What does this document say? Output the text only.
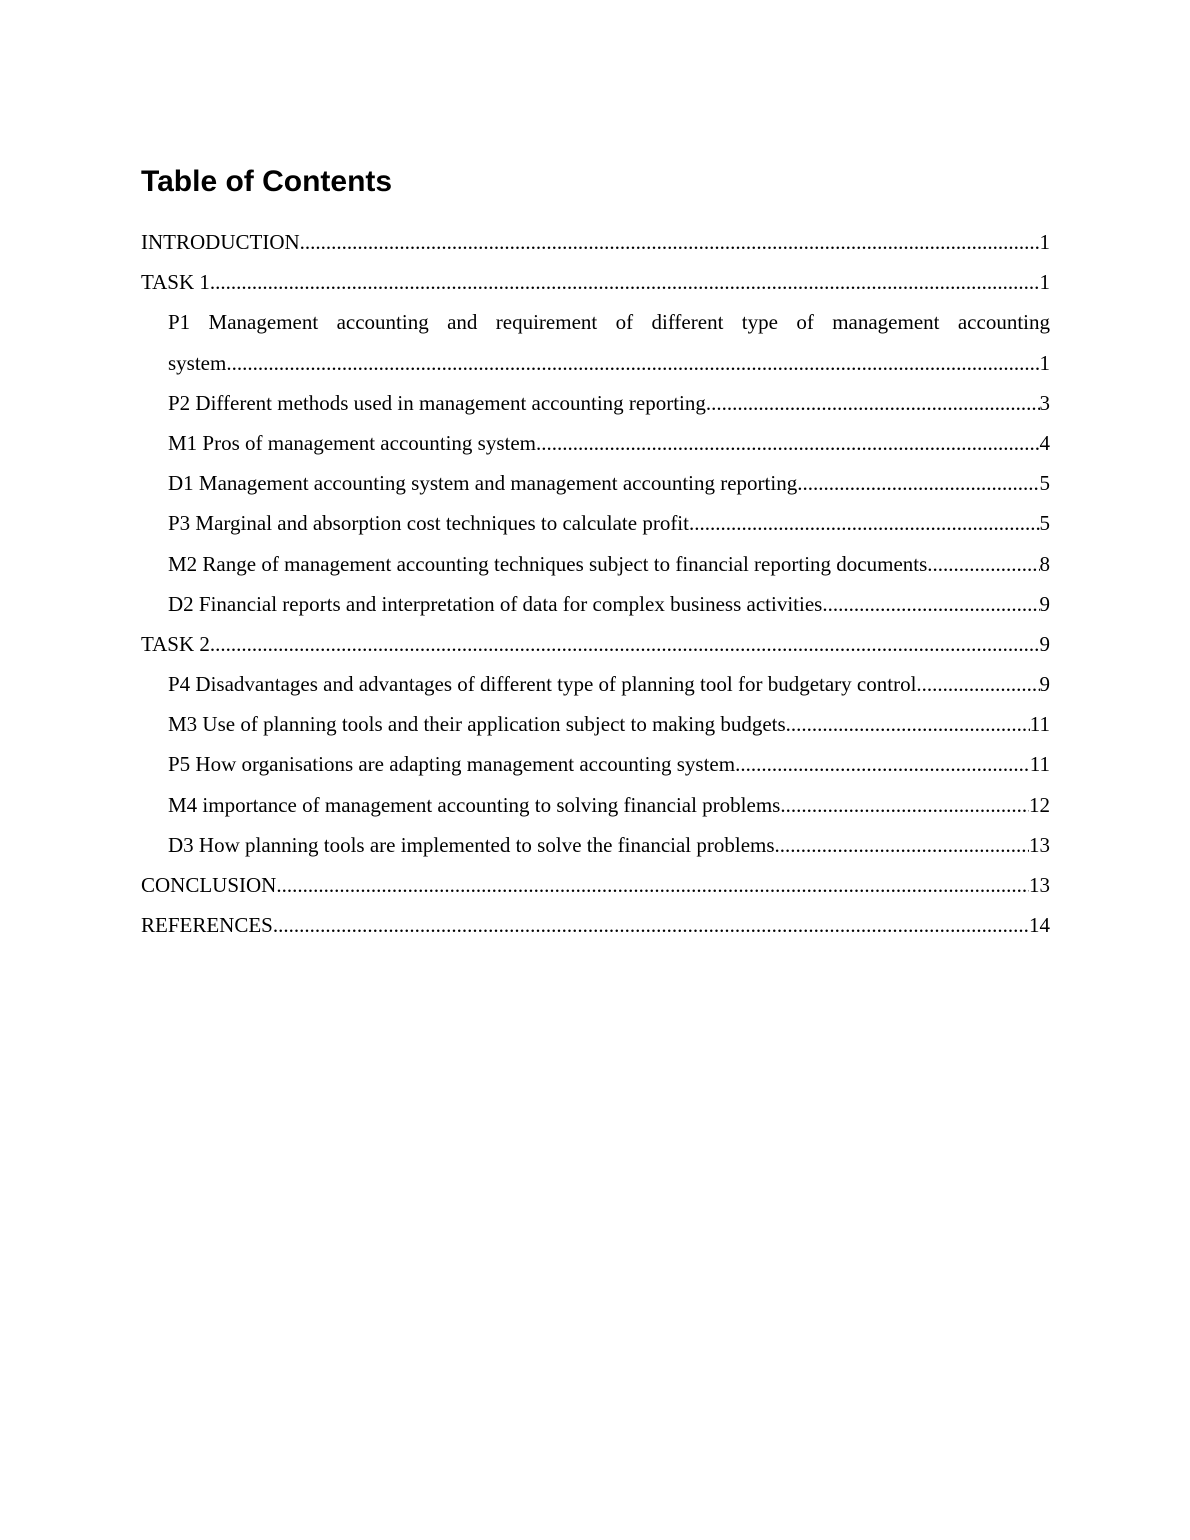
Table of Contents
INTRODUCTION .....	1
TASK 1 .....	1
P1 Management accounting and requirement of different type of management accounting
system .....	1
P2 Different methods used in management accounting reporting .....	3
M1 Pros of management accounting system .....	4
D1 Management accounting system and management accounting reporting .....	5
P3 Marginal and absorption cost techniques to calculate profit .....	5
M2 Range of management accounting techniques subject to financial reporting documents .....	8
D2 Financial reports and interpretation of data for complex business activities .....	9
TASK 2 .....	9
P4 Disadvantages and advantages of different type of planning tool for budgetary control. .....	9
M3 Use of planning tools and their application subject to making budgets .....	11
P5 How organisations are adapting management accounting system .....	11
M4 importance of management accounting to solving financial problems .....	12
D3 How planning tools are implemented to solve the financial problems .....	13
CONCLUSION .....	13
REFERENCES .....	14
